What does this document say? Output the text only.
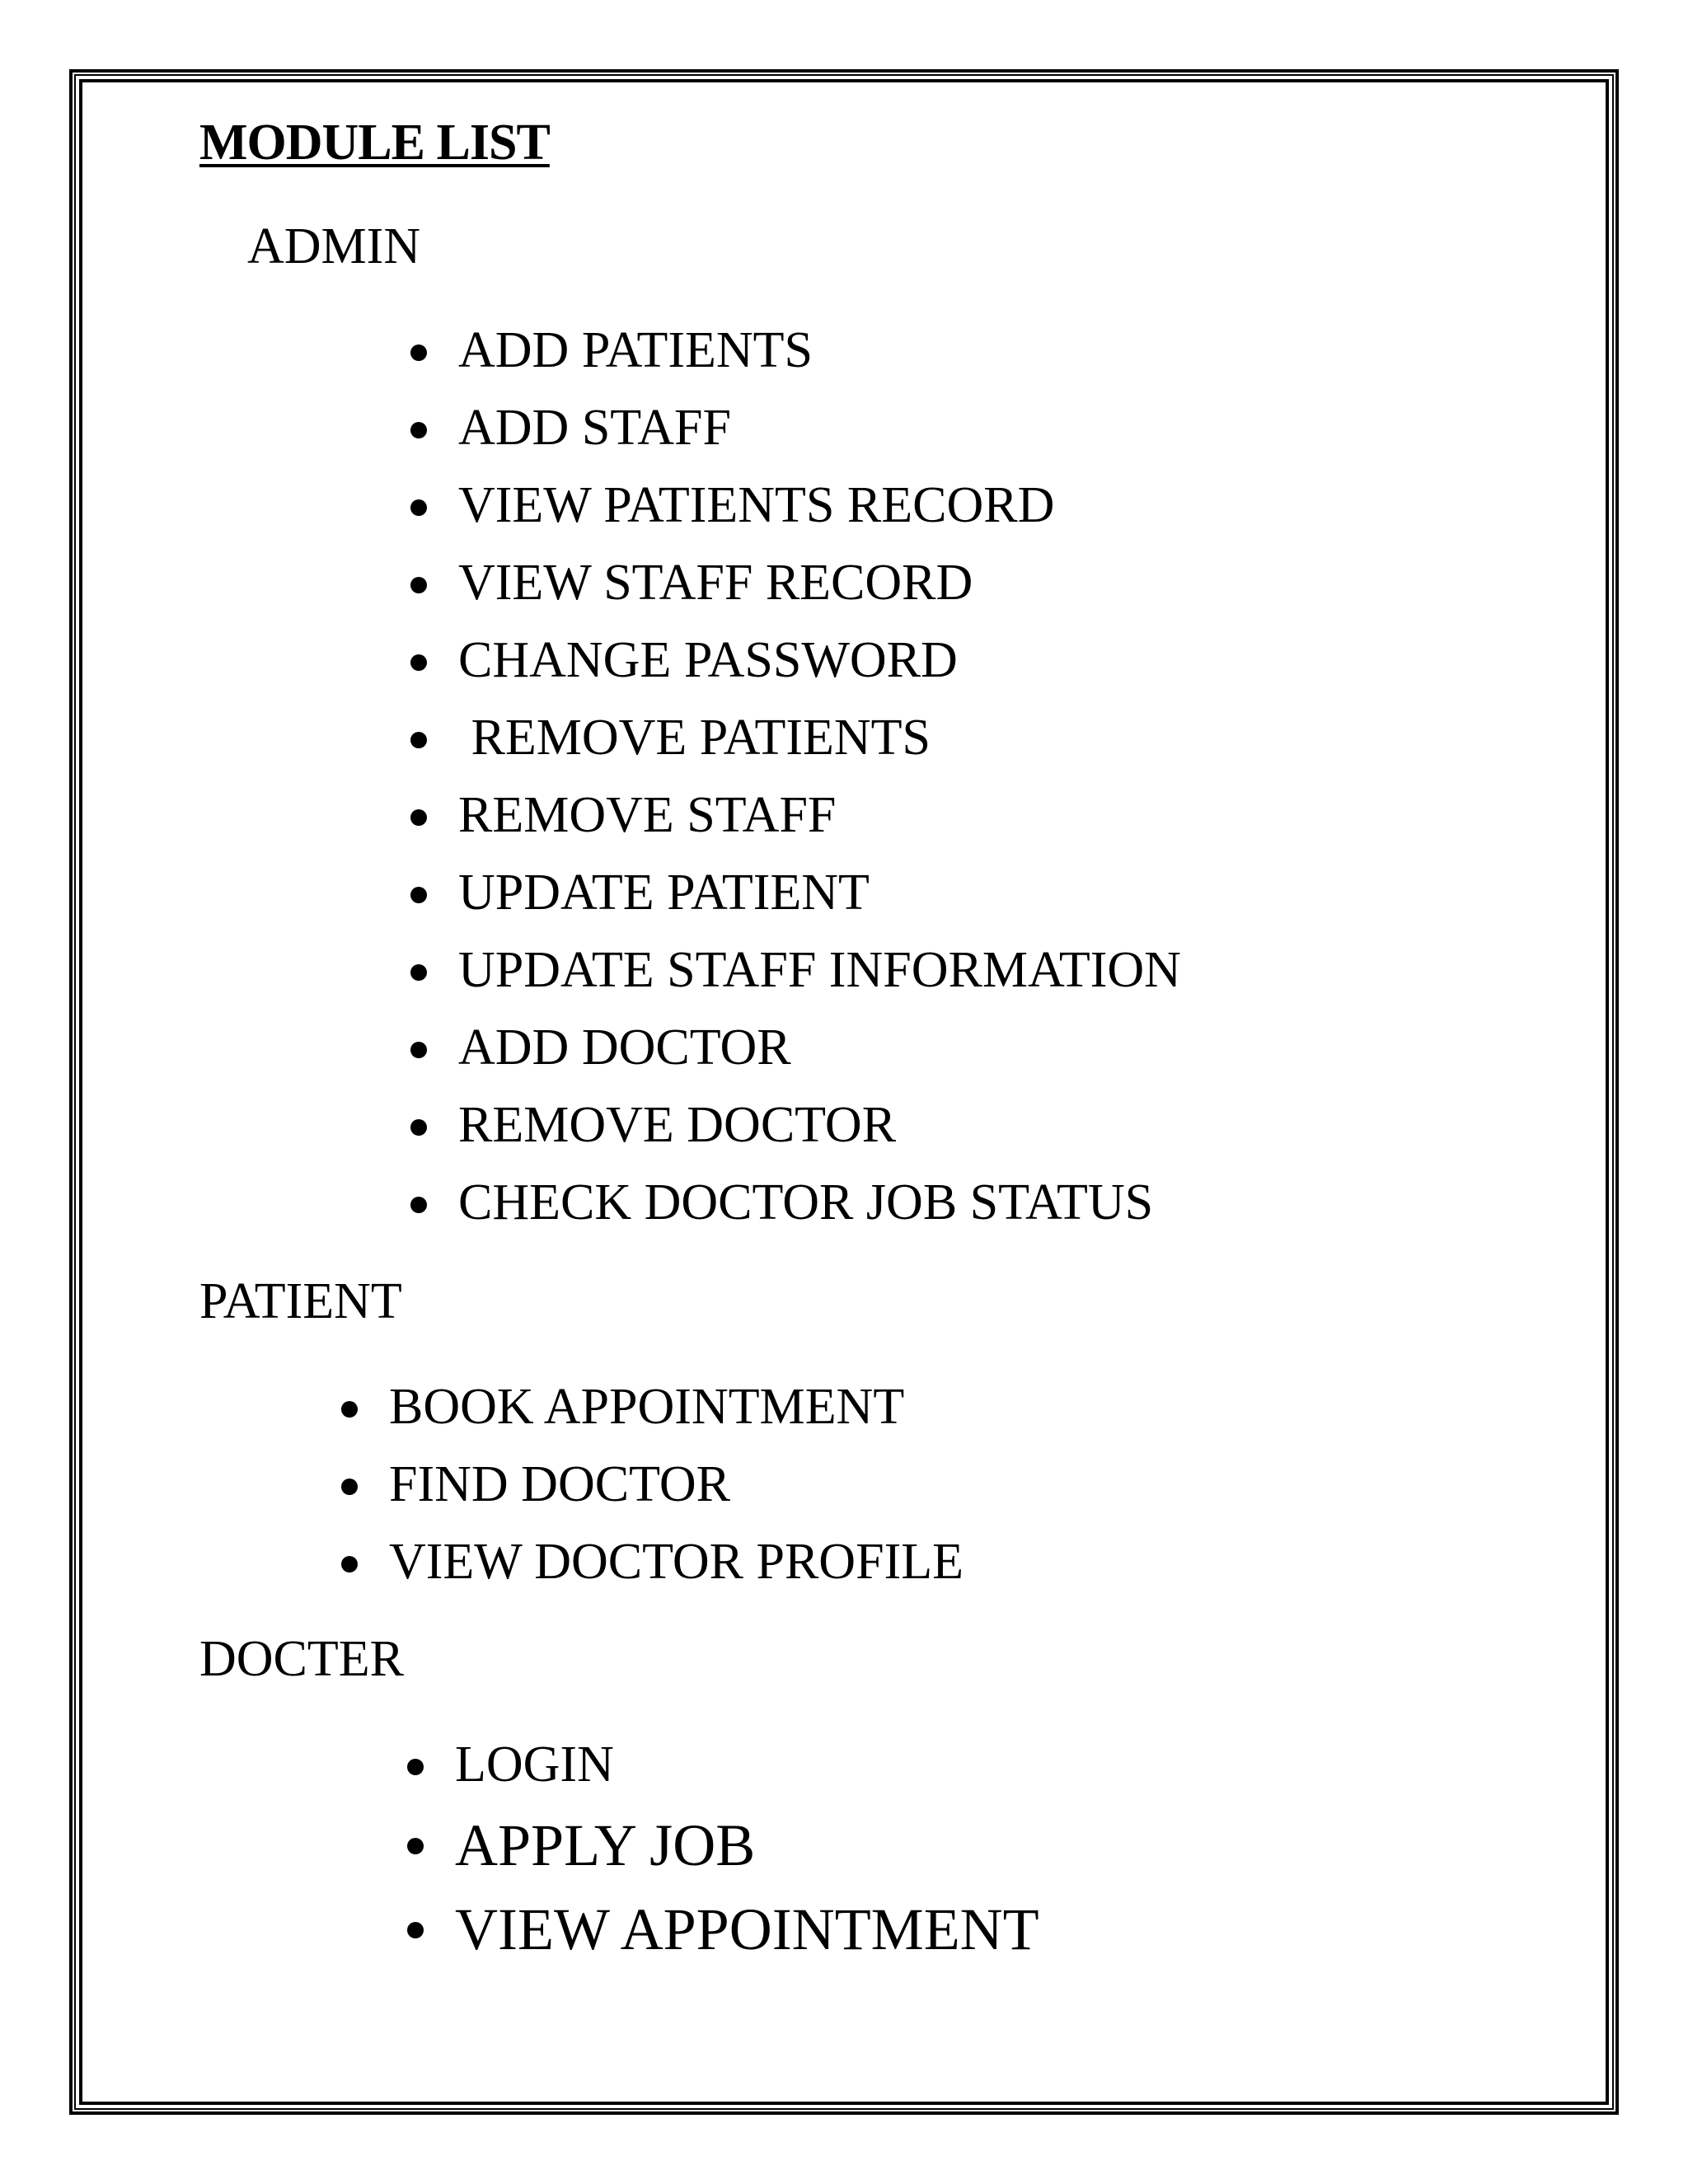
MODULE LIST
ADMIN
ADD PATIENTS
ADD STAFF
VIEW PATIENTS RECORD
VIEW STAFF RECORD
CHANGE PASSWORD
REMOVE PATIENTS
REMOVE STAFF
UPDATE PATIENT
UPDATE STAFF INFORMATION
ADD DOCTOR
REMOVE DOCTOR
CHECK DOCTOR JOB STATUS
PATIENT
BOOK APPOINTMENT
FIND DOCTOR
VIEW DOCTOR PROFILE
DOCTER
LOGIN
APPLY JOB
VIEW APPOINTMENT
